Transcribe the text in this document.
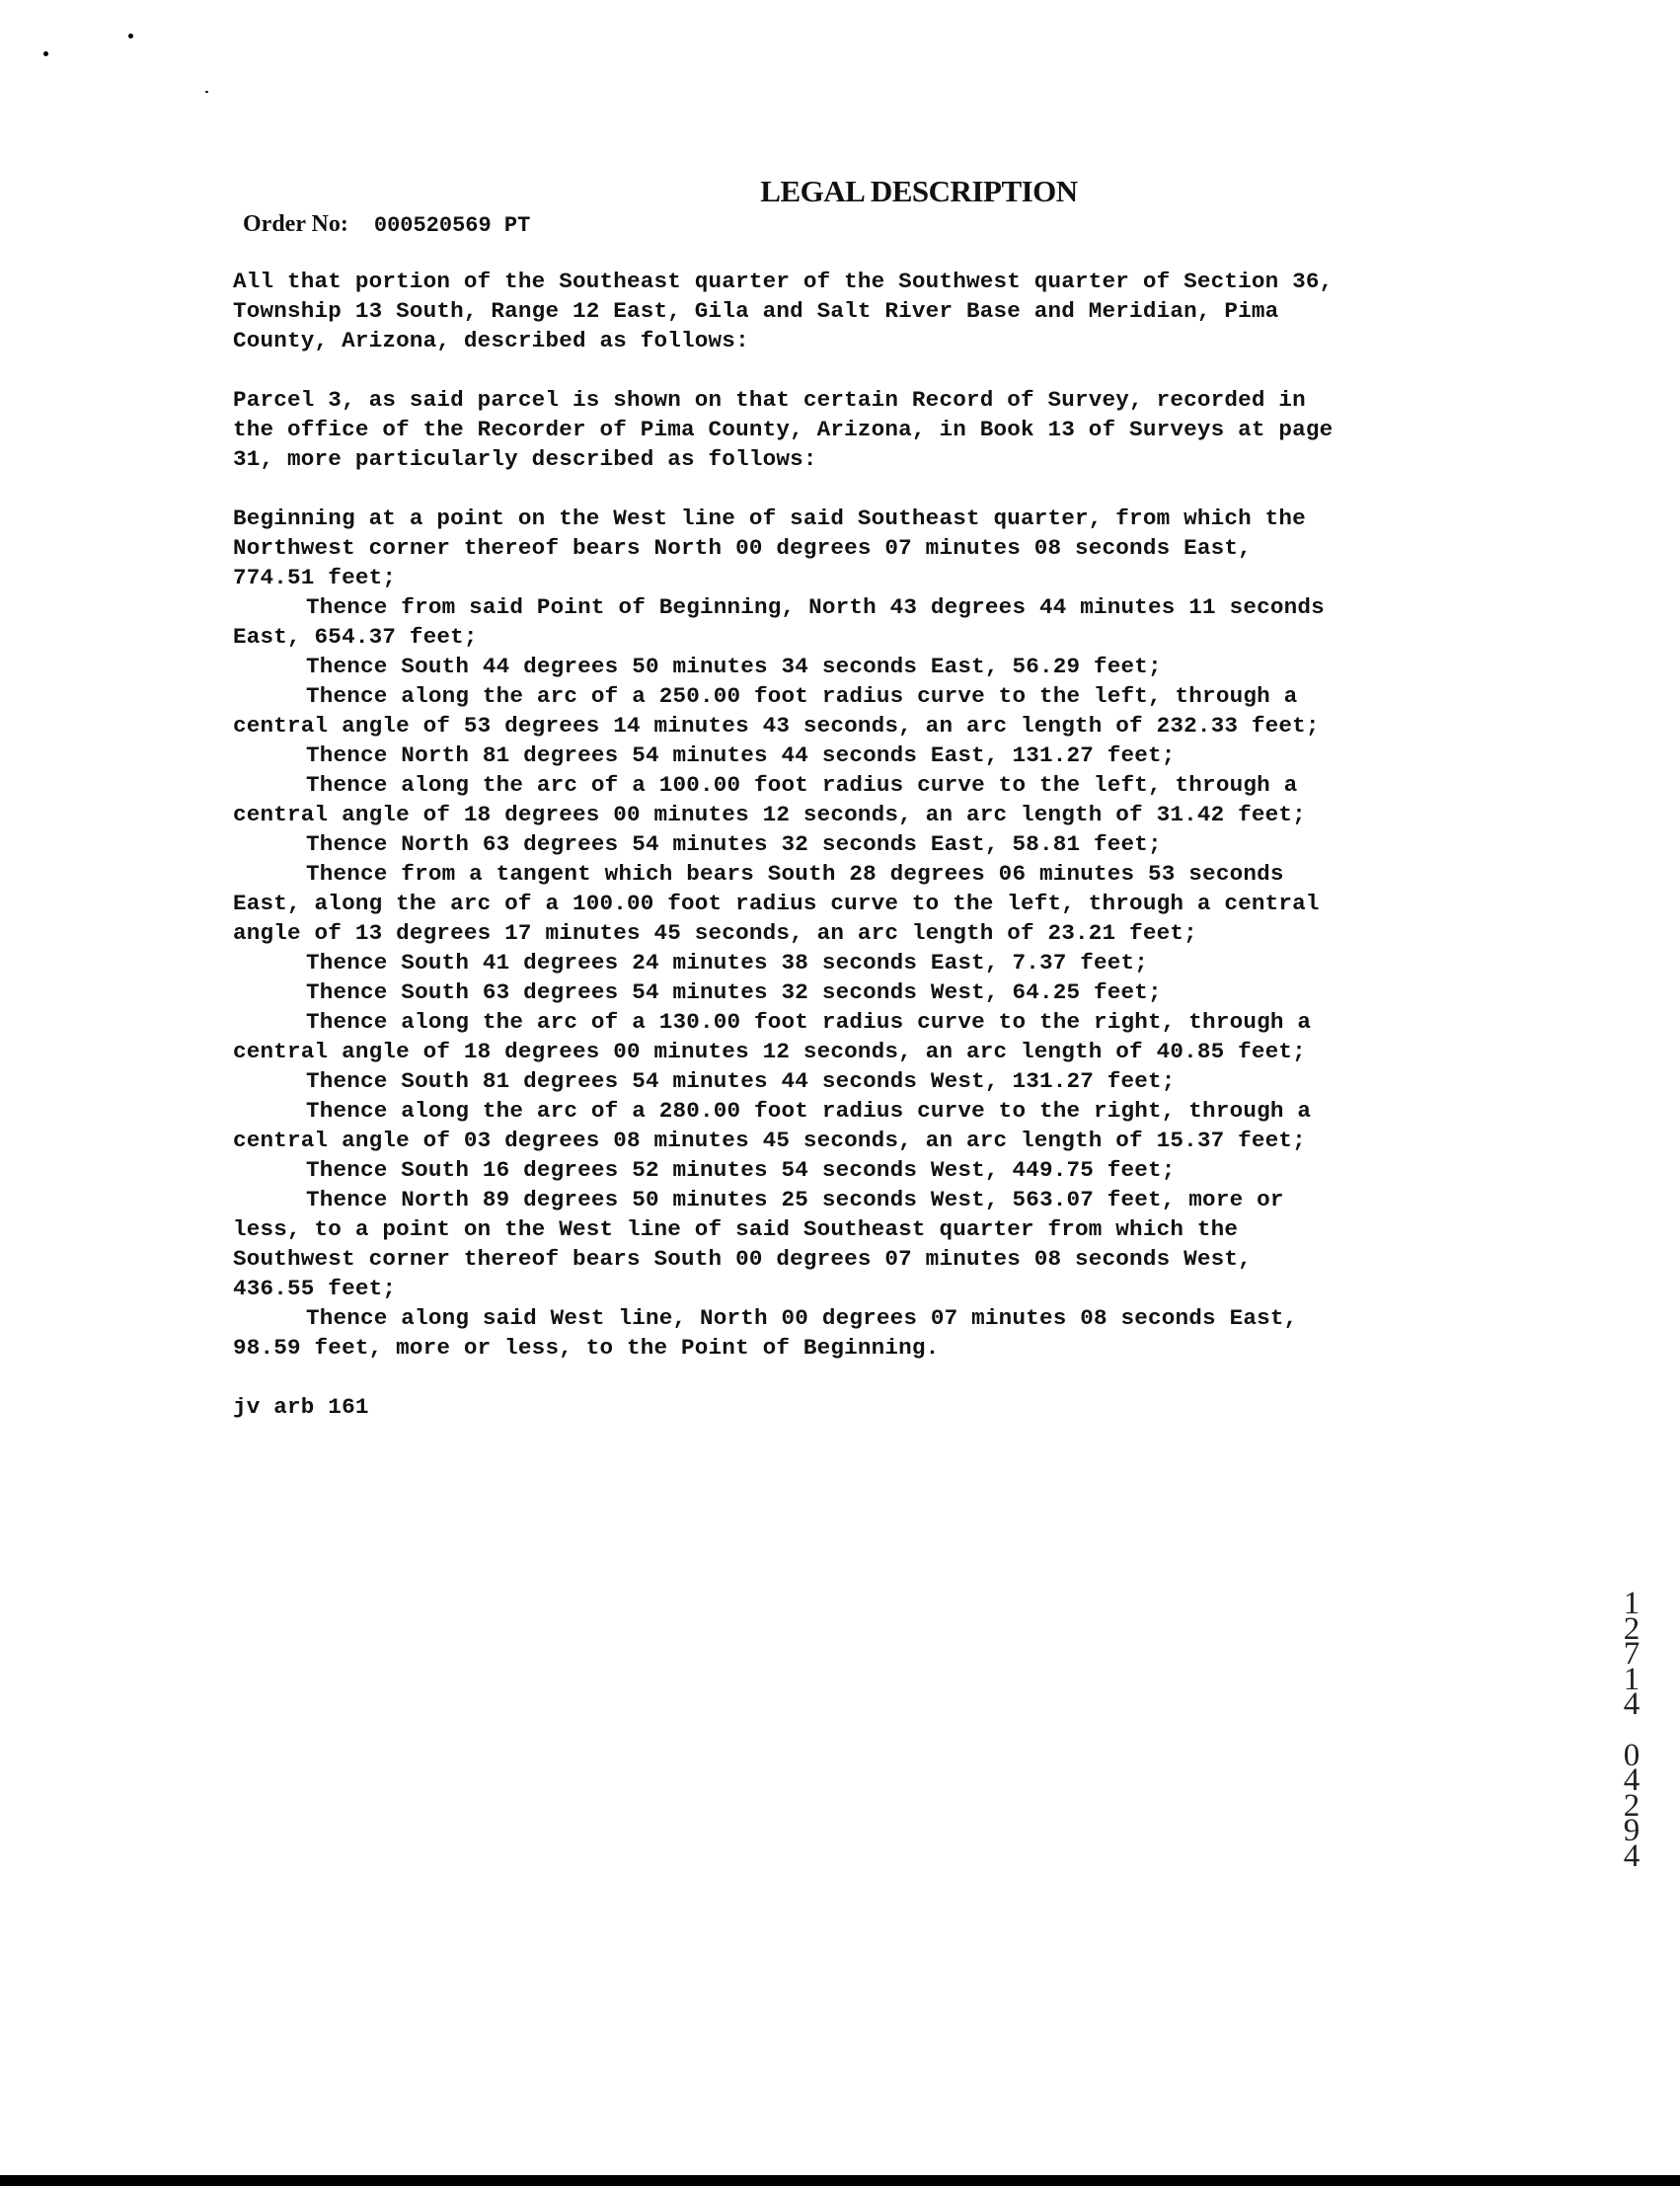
LEGAL DESCRIPTION
Order No: 000520569 PT

All that portion of the Southeast quarter of the Southwest quarter of Section 36,
Township 13 South, Range 12 East, Gila and Salt River Base and Meridian, Pima
County, Arizona, described as follows:

Parcel 3, as said parcel is shown on that certain Record of Survey, recorded in
the office of the Recorder of Pima County, Arizona, in Book 13 of Surveys at page
31, more particularly described as follows:

Beginning at a point on the West line of said Southeast quarter, from which the
Northwest corner thereof bears North 00 degrees 07 minutes 08 seconds East,
774.51 feet;

Thence from said Point of Beginning, North 43 degrees 44 minutes 11 seconds
East, 654.37 feet;

Thence South 44 degrees 50 minutes 34 seconds East, 56.29 feet;

Thence along the arc of a 250.00 foot radius curve to the left, through a
central angle of 53 degrees 14 minutes 43 seconds, an arc length of 232.33 feet;

Thence North 81 degrees 54 minutes 44 seconds East, 131.27 feet;

Thence along the arc of a 100.00 foot radius curve to the left, through a
central angle of 18 degrees 00 minutes 12 seconds, an arc length of 31.42 feet;

Thence North 63 degrees 54 minutes 32 seconds East, 58.81 feet;

Thence from a tangent which bears South 28 degrees 06 minutes 53 seconds
East, along the arc of a 100.00 foot radius curve to the left, through a central
angle of 13 degrees 17 minutes 45 seconds, an arc length of 23.21 feet;

Thence South 41 degrees 24 minutes 38 seconds East, 7.37 feet;

Thence South 63 degrees 54 minutes 32 seconds West, 64.25 feet;

Thence along the arc of a 130.00 foot radius curve to the right, through a
central angle of 18 degrees 00 minutes 12 seconds, an arc length of 40.85 feet;

Thence South 81 degrees 54 minutes 44 seconds West, 131.27 feet;

Thence along the arc of a 280.00 foot radius curve to the right, through a
central angle of 03 degrees 08 minutes 45 seconds, an arc length of 15.37 feet;

Thence South 16 degrees 52 minutes 54 seconds West, 449.75 feet;

Thence North 89 degrees 50 minutes 25 seconds West, 563.07 feet, more or
less, to a point on the West line of said Southeast quarter from which the
Southwest corner thereof bears South 00 degrees 07 minutes 08 seconds West,
436.55 feet;

Thence along said West line, North 00 degrees 07 minutes 08 seconds East,
98.59 feet, more or less, to the Point of Beginning.

jv arb 161

1
2
7
1
4

0
4
2
9
4
